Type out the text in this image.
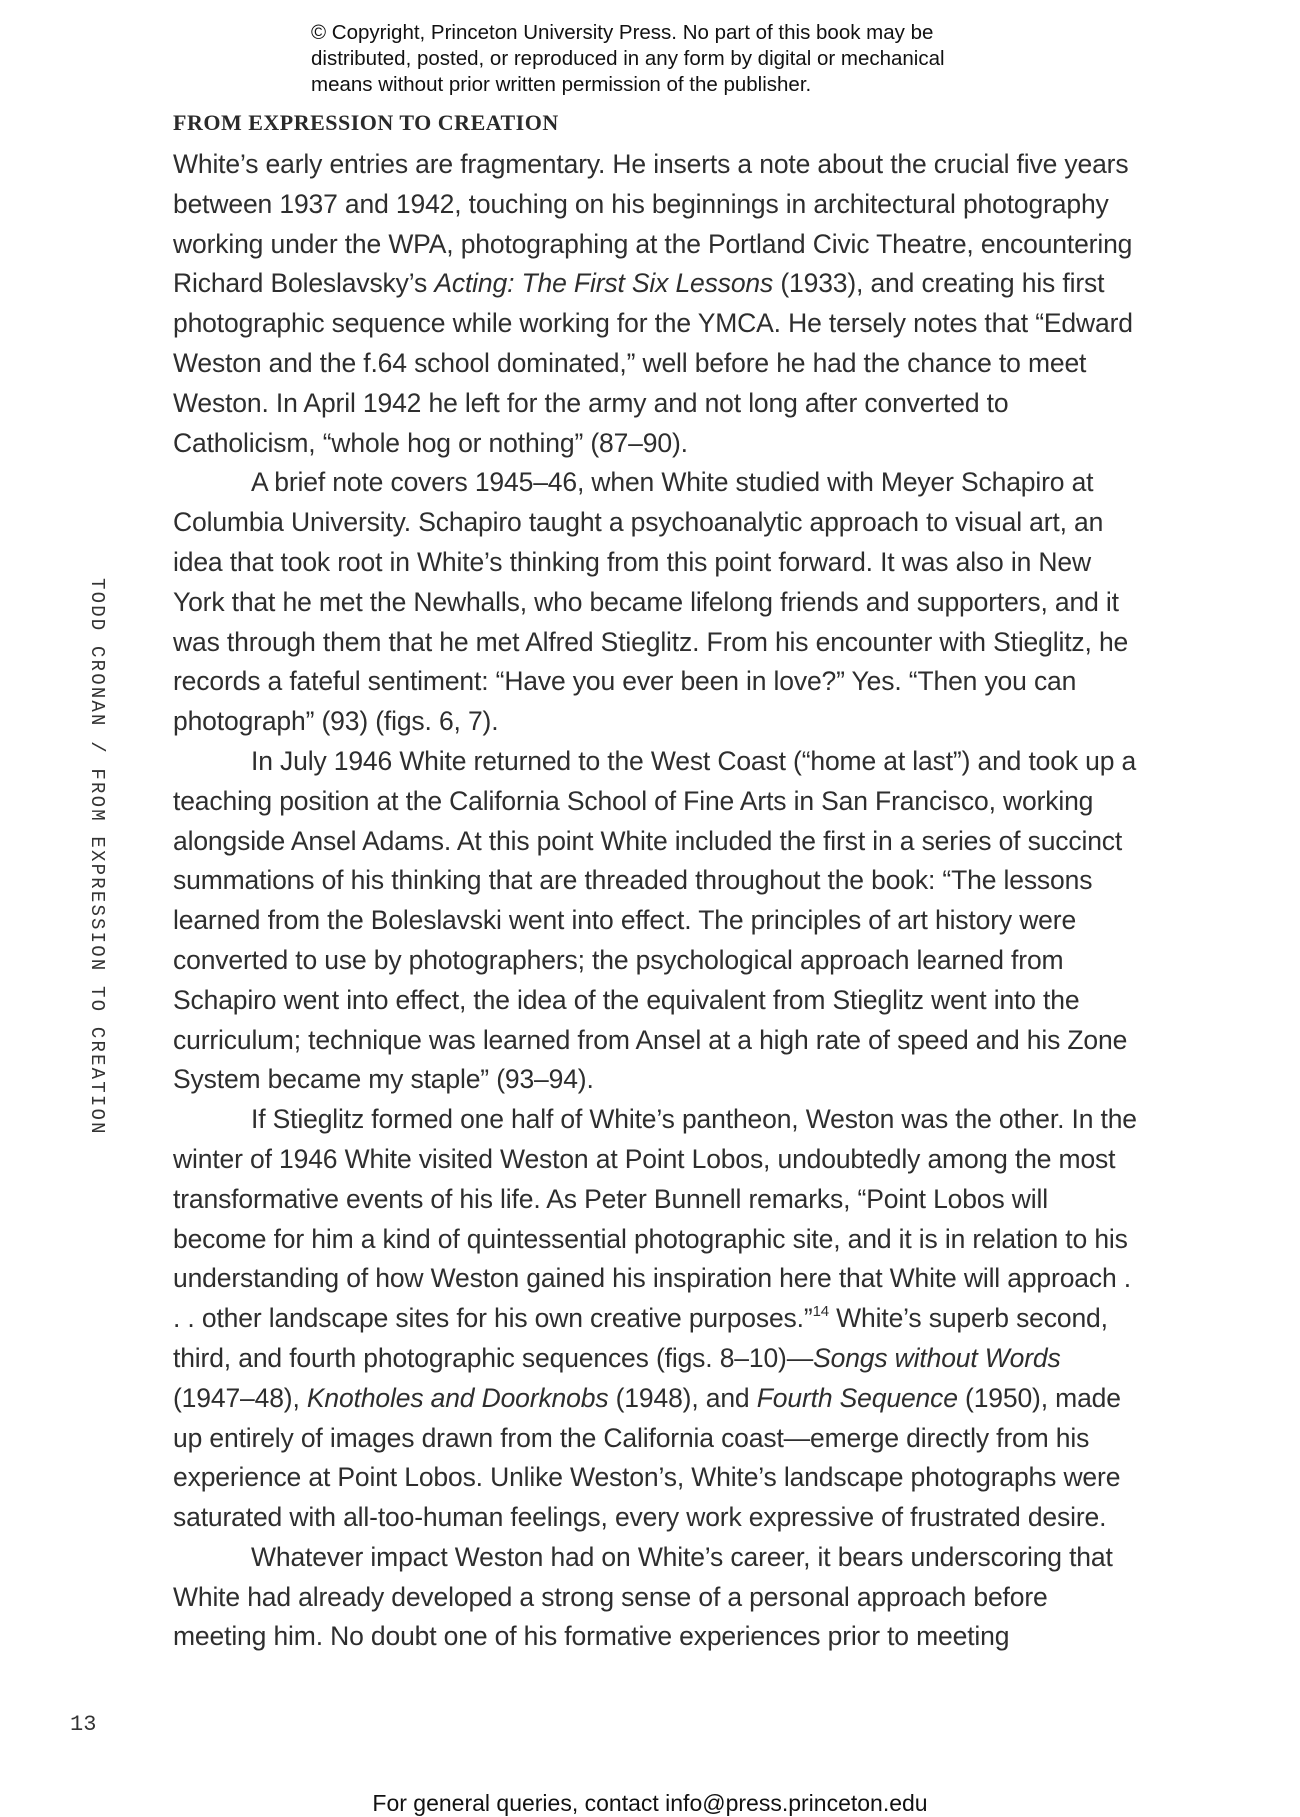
© Copyright, Princeton University Press. No part of this book may be
distributed, posted, or reproduced in any form by digital or mechanical
means without prior written permission of the publisher.
FROM EXPRESSION TO CREATION

White’s early entries are fragmentary. He inserts a note about the crucial five years between 1937 and 1942, touching on his beginnings in architectural photography working under the WPA, photographing at the Portland Civic Theatre, encountering Richard Boleslavsky’s Acting: The First Six Lessons (1933), and creating his first photographic sequence while working for the YMCA. He tersely notes that “Edward Weston and the f.64 school dominated,” well before he had the chance to meet Weston. In April 1942 he left for the army and not long after converted to Catholicism, “whole hog or nothing” (87–90).

A brief note covers 1945–46, when White studied with Meyer Schapiro at Columbia University. Schapiro taught a psychoanalytic approach to visual art, an idea that took root in White’s thinking from this point forward. It was also in New York that he met the Newhalls, who became lifelong friends and supporters, and it was through them that he met Alfred Stieglitz. From his encounter with Stieglitz, he records a fateful sentiment: “Have you ever been in love?” Yes. “Then you can photograph” (93) (figs. 6, 7).

In July 1946 White returned to the West Coast (“home at last”) and took up a teaching position at the California School of Fine Arts in San Francisco, working alongside Ansel Adams. At this point White included the first in a series of succinct summations of his thinking that are threaded throughout the book: “The lessons learned from the Boleslavski went into effect. The principles of art history were converted to use by photographers; the psychological approach learned from Schapiro went into effect, the idea of the equivalent from Stieglitz went into the curriculum; technique was learned from Ansel at a high rate of speed and his Zone System became my staple” (93–94).

If Stieglitz formed one half of White’s pantheon, Weston was the other. In the winter of 1946 White visited Weston at Point Lobos, undoubtedly among the most transformative events of his life. As Peter Bunnell remarks, “Point Lobos will become for him a kind of quintessential photographic site, and it is in relation to his understanding of how Weston gained his inspiration here that White will approach . . . other landscape sites for his own creative purposes.”$^{14}$ White’s superb second, third, and fourth photographic sequences (figs. 8–10)—Songs without Words (1947–48), Knotholes and Doorknobs (1948), and Fourth Sequence (1950), made up entirely of images drawn from the California coast—emerge directly from his experience at Point Lobos. Unlike Weston’s, White’s landscape photographs were saturated with all-too-human feelings, every work expressive of frustrated desire.

Whatever impact Weston had on White’s career, it bears underscoring that White had already developed a strong sense of a personal approach before meeting him. No doubt one of his formative experiences prior to meeting

TODD CRONAN / FROM EXPRESSION TO CREATION
13
For general queries, contact info@press.princeton.edu
